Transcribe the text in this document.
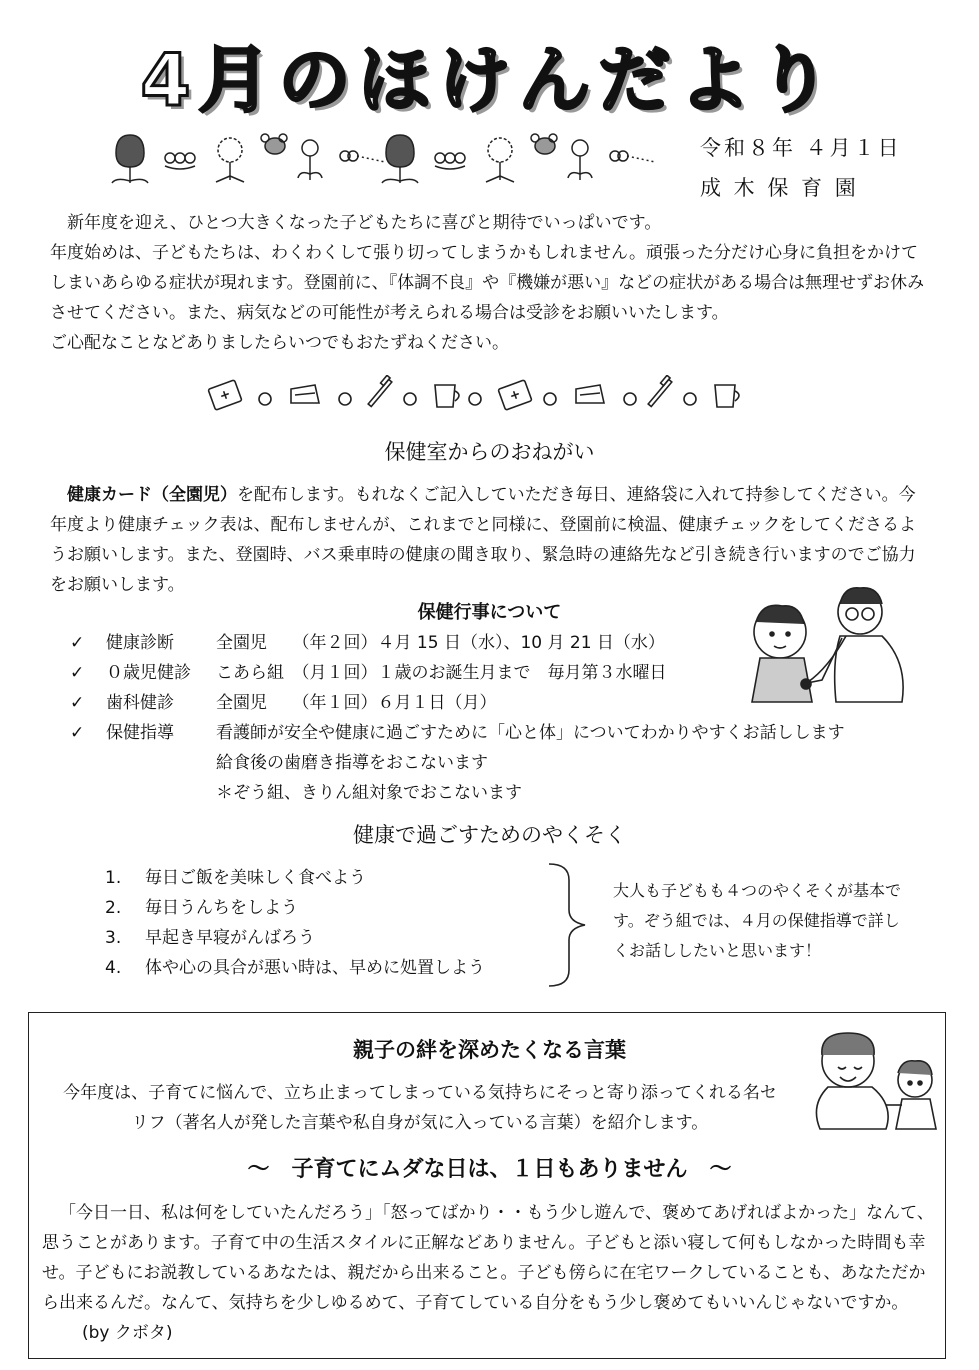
4月のほけんだより
令和８年 ４月１日
成 木 保 育 園

新年度を迎え、ひとつ大きくなった子どもたちに喜びと期待でいっぱいです。
年度始めは、子どもたちは、わくわくして張り切ってしまうかもしれません。頑張った分だけ心身に負担をかけてしまいあらゆる症状が現れます。登園前に、『体調不良』や『機嫌が悪い』などの症状がある場合は無理せずお休みさせてください。また、病気などの可能性が考えられる場合は受診をお願いいたします。
ご心配なことなどありましたらいつでもおたずねください。

保健室からのおねがい

健康カード（全園児）を配布します。もれなくご記入していただき毎日、連絡袋に入れて持参してください。今年度より健康チェック表は、配布しませんが、これまでと同様に、登園前に検温、健康チェックをしてくださるようお願いします。また、登園時、バス乗車時の健康の聞き取り、緊急時の連絡先など引き続き行いますのでご協力をお願いします。

保健行事について
✓	健康診断	全園児　　（年２回）４月 15 日（水）、10 月 21 日（水）
✓	０歳児健診	こあら組　（月１回）１歳のお誕生月まで　毎月第３水曜日
✓	歯科健診	全園児　　（年１回）６月１日（月）
✓	保健指導	看護師が安全や健康に過ごすために「心と体」についてわかりやすくお話しします
給食後の歯磨き指導をおこないます
＊ぞう組、きりん組対象でおこないます
健康で過ごすためのやくそく
1.	毎日ご飯を美味しく食べよう
2.	毎日うんちをしよう
3.	早起き早寝がんばろう
4.	体や心の具合が悪い時は、早めに処置しよう
大人も子どもも４つのやくそくが基本です。ぞう組では、４月の保健指導で詳しくお話ししたいと思います！
親子の絆を深めたくなる言葉
今年度は、子育てに悩んで、立ち止まってしまっている気持ちにそっと寄り添ってくれる名セリフ（著名人が発した言葉や私自身が気に入っている言葉）を紹介します。
～　子育てにムダな日は、１日もありません　～

「今日一日、私は何をしていたんだろう」「怒ってばかり・・もう少し遊んで、褒めてあげればよかった」なんて、思うことがあります。子育て中の生活スタイルに正解などありません。子どもと添い寝して何もしなかった時間も幸せ。子どもにお説教しているあなたは、親だから出来ること。子ども傍らに在宅ワークしていることも、あなただから出来るんだ。なんて、気持ちを少しゆるめて、子育てしている自分をもう少し褒めてもいいんじゃないですか。(by クボタ)
